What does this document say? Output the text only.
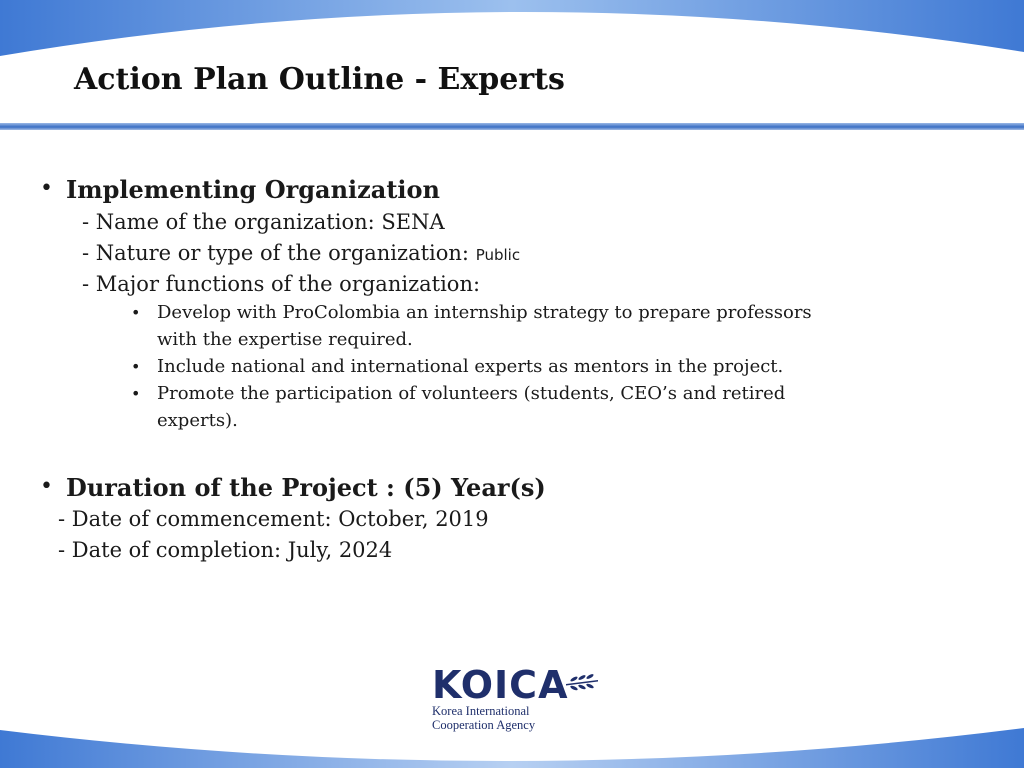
Action Plan Outline - Experts
• Implementing Organization
- Name of the organization: SENA
- Nature or type of the organization: Public
- Major functions of the organization:
• Develop with ProColombia an internship strategy to prepare professors
with the expertise required.
• Include national and international experts as mentors in the project.
• Promote the participation of volunteers (students, CEO’s and retired
experts).
• Duration of the Project : (5) Year(s)
- Date of commencement: October, 2019
- Date of completion: July, 2024
KOICA
Korea International
Cooperation Agency
